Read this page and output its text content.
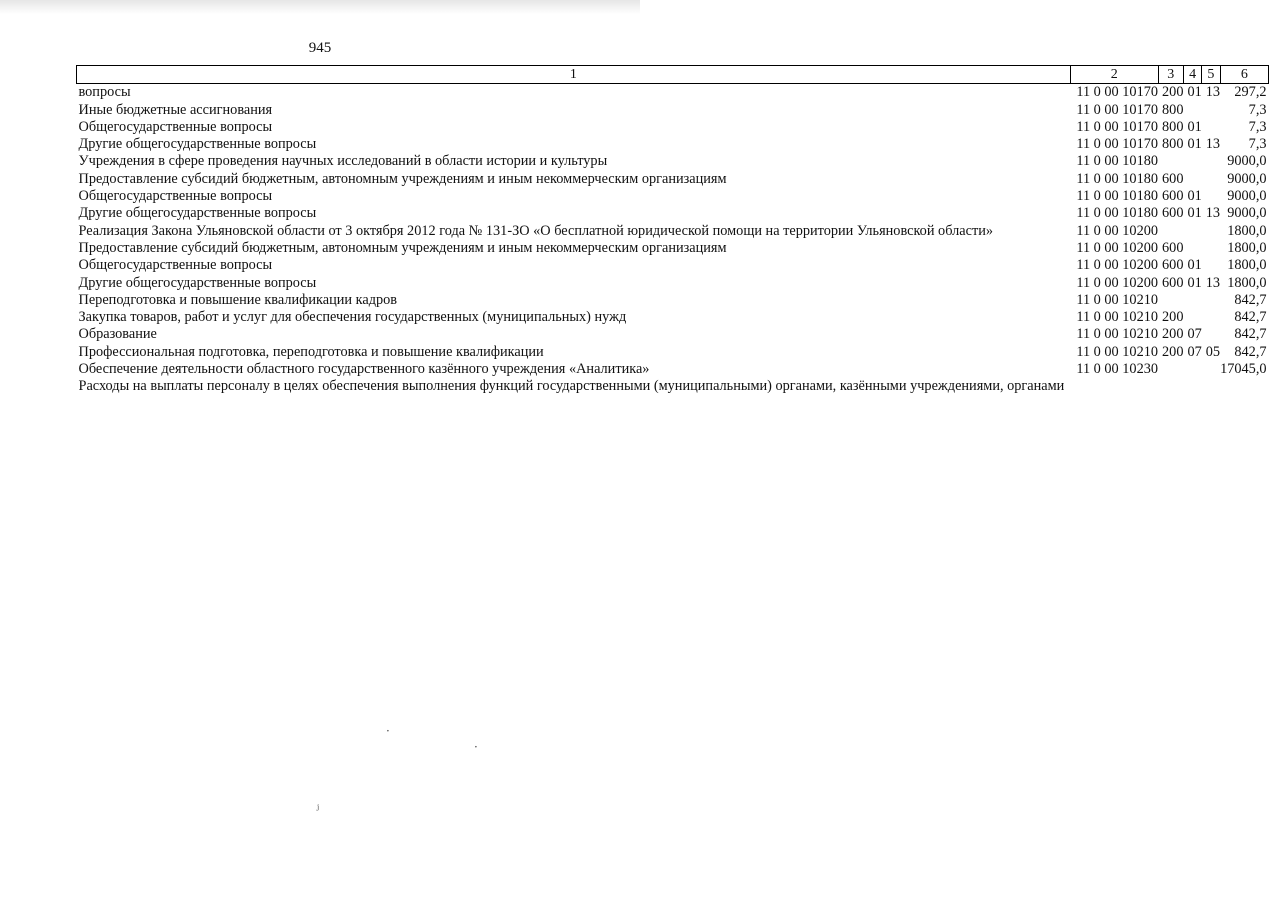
945
1	2	3	4	5	6
вопросы	11 0 00 10170	200	01	13	297,2
Иные бюджетные ассигнования	11 0 00 10170	800			7,3
Общегосударственные вопросы	11 0 00 10170	800	01		7,3
Другие общегосударственные вопросы	11 0 00 10170	800	01	13	7,3
Учреждения в сфере проведения научных исследований в области истории и культуры	11 0 00 10180				9000,0
Предоставление субсидий бюджетным, автономным учреждениям и иным некоммерческим организациям	11 0 00 10180	600			9000,0
Общегосударственные вопросы	11 0 00 10180	600	01		9000,0
Другие общегосударственные вопросы	11 0 00 10180	600	01	13	9000,0
Реализация Закона Ульяновской области от 3 октября 2012 года № 131-ЗО «О бесплатной юридической помощи на территории Ульяновской области»	11 0 00 10200				1800,0
Предоставление субсидий бюджетным, автономным учреждениям и иным некоммерческим организациям	11 0 00 10200	600			1800,0
Общегосударственные вопросы	11 0 00 10200	600	01		1800,0
Другие общегосударственные вопросы	11 0 00 10200	600	01	13	1800,0
Переподготовка и повышение квалификации кадров	11 0 00 10210				842,7
Закупка товаров, работ и услуг для обеспечения государственных (муниципальных) нужд	11 0 00 10210	200			842,7
Образование	11 0 00 10210	200	07		842,7
Профессиональная подготовка, переподготовка и повышение квалификации	11 0 00 10210	200	07	05	842,7
Обеспечение деятельности областного государственного казённого учреждения «Аналитика»	11 0 00 10230				17045,0
Расходы на выплаты персоналу в целях обеспечения выполнения функций государственными (муниципальными) органами, казёнными учреждениями, органами					
ⱼ
·
·
